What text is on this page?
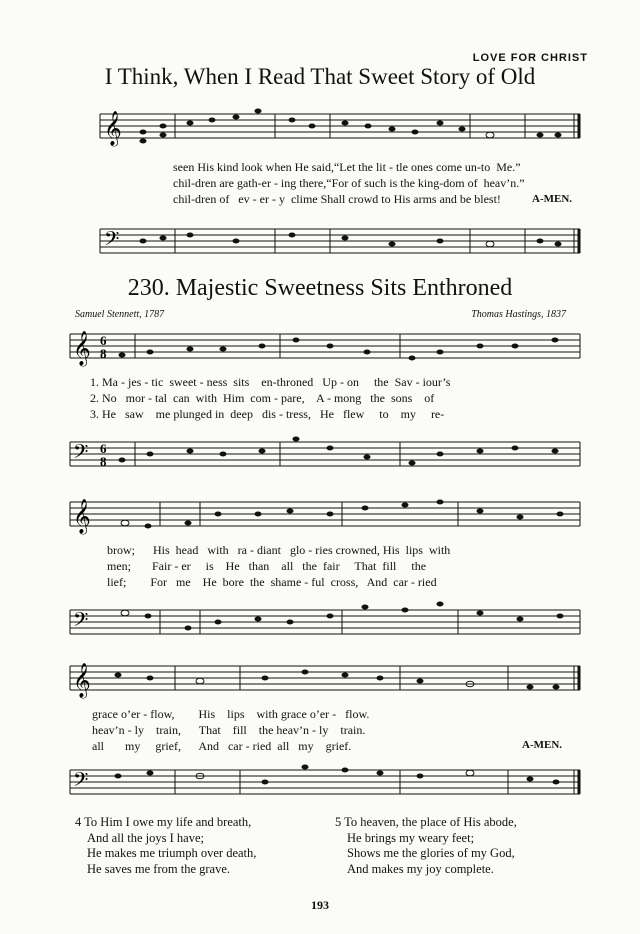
LOVE FOR CHRIST
I Think, When I Read That Sweet Story of Old
𝄞

seen His kind look when He said,“Let the lit - tle ones come un-to  Me.”

chil-dren are gath-er - ing there,“For of such is the king-dom of  heav’n.”

chil-dren of   ev - er - y  clime Shall crowd to His arms and be blest!	A-MEN.
𝄢
230. Majestic Sweetness Sits Enthroned
Samuel Stennett, 1787	Thomas Hastings, 1837
𝄞 6
8

1. Ma - jes - tic  sweet - ness  sits    en-throned   Up - on     the  Sav - iour’s

2. No   mor - tal  can  with  Him  com - pare,    A - mong   the  sons    of

3. He   saw    me plunged in  deep   dis - tress,   He   flew     to    my     re-

𝄢 6
8
𝄞

brow;      His  head   with   ra - diant   glo - ries crowned, His  lips  with

men;       Fair - er     is    He   than    all   the  fair     That  fill     the

lief;        For   me    He  bore  the  shame - ful  cross,   And  car - ried

𝄢
𝄞

grace o’er - flow,        His    lips    with grace o’er -   flow.

heav’n - ly    train,      That    fill    the heav’n - ly    train.

all       my     grief,      And   car - ried  all   my    grief.	A-MEN.
𝄢
4 To Him I owe my life and breath,
And all the joys I have;
He makes me triumph over death,
He saves me from the grave.
5 To heaven, the place of His abode,
He brings my weary feet;
Shows me the glories of my God,
And makes my joy complete.
193
